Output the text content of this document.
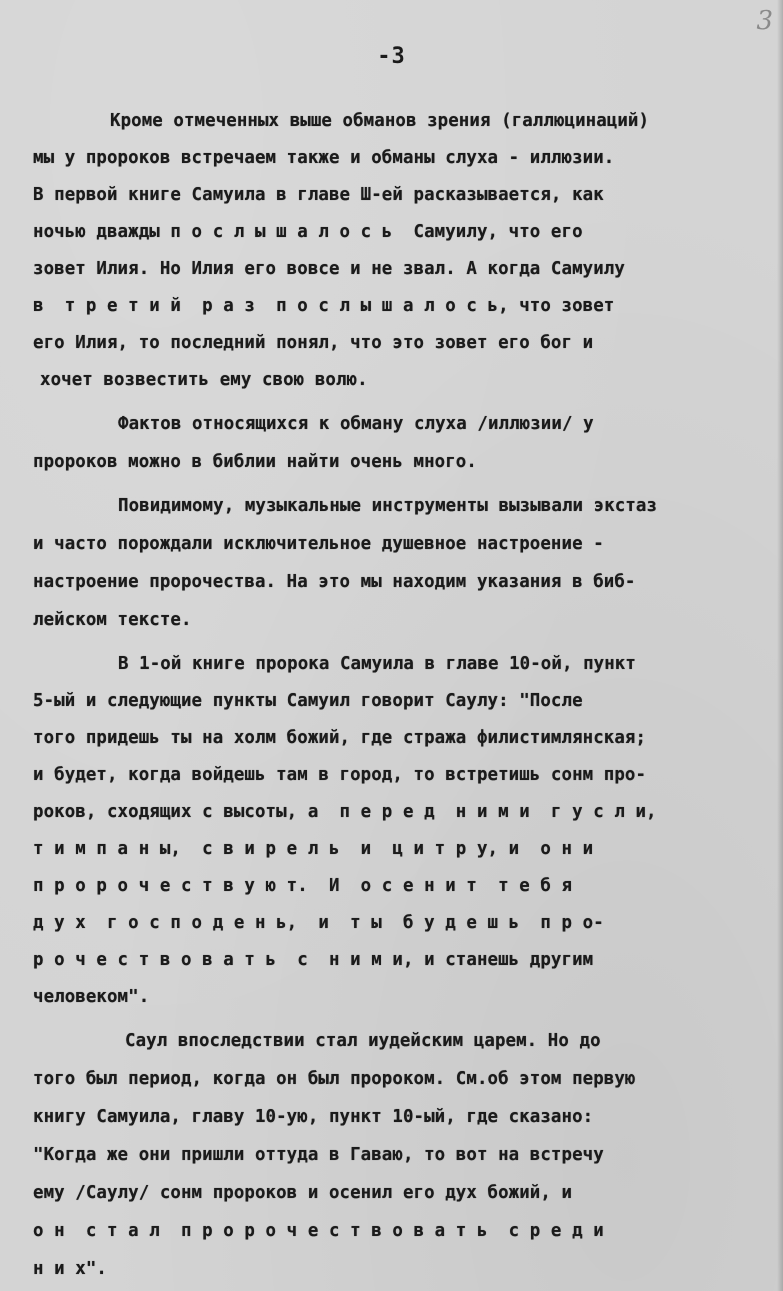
3
-3
Кроме отмеченных выше обманов зрения (галлюцинаций)
мы у пророков встречаем также и обманы слуха - иллюзии.
В первой книге Самуила в главе Ш-ей расказывается, как
ночью дважды п о с л ы ш а л о с ь  Самуилу, что его
зовет Илия. Но Илия его вовсе и не звал. А когда Самуилу
в  т р е т и й  р а з  п о с л ы ш а л о с ь, что зовет
его Илия, то последний понял, что это зовет его бог и
хочет возвестить ему свою волю.
Фактов относящихся к обману слуха /иллюзии/ у
пророков можно в библии найти очень много.
Повидимому, музыкальные инструменты вызывали экстаз
и часто порождали исключительное душевное настроение -
настроение пророчества. На это мы находим указания в биб-
лейском тексте.
В 1-ой книге пророка Самуила в главе 10-ой, пункт
5-ый и следующие пункты Самуил говорит Саулу: "После
того придешь ты на холм божий, где стража филистимлянская;
и будет, когда войдешь там в город, то встретишь сонм про-
роков, сходящих с высоты, а  п е р е д  н и м и  г у с л и,
т и м п а н ы,  с в и р е л ь  и  ц и т р у, и  о н и
п р о р о ч е с т в у ю т.  И  о с е н и т  т е б я
д у х  г о с п о д е н ь,  и  т ы  б у д е ш ь  п р о-
р о ч е с т в о в а т ь  с  н и м и, и станешь другим
человеком".
Саул впоследствии стал иудейским царем. Но до
того был период, когда он был пророком. См.об этом первую
книгу Самуила, главу 10-ую, пункт 10-ый, где сказано:
"Когда же они пришли оттуда в Гаваю, то вот на встречу
ему /Саулу/ сонм пророков и осенил его дух божий, и
о н  с т а л  п р о р о ч е с т в о в а т ь  с р е д и
н и х".
